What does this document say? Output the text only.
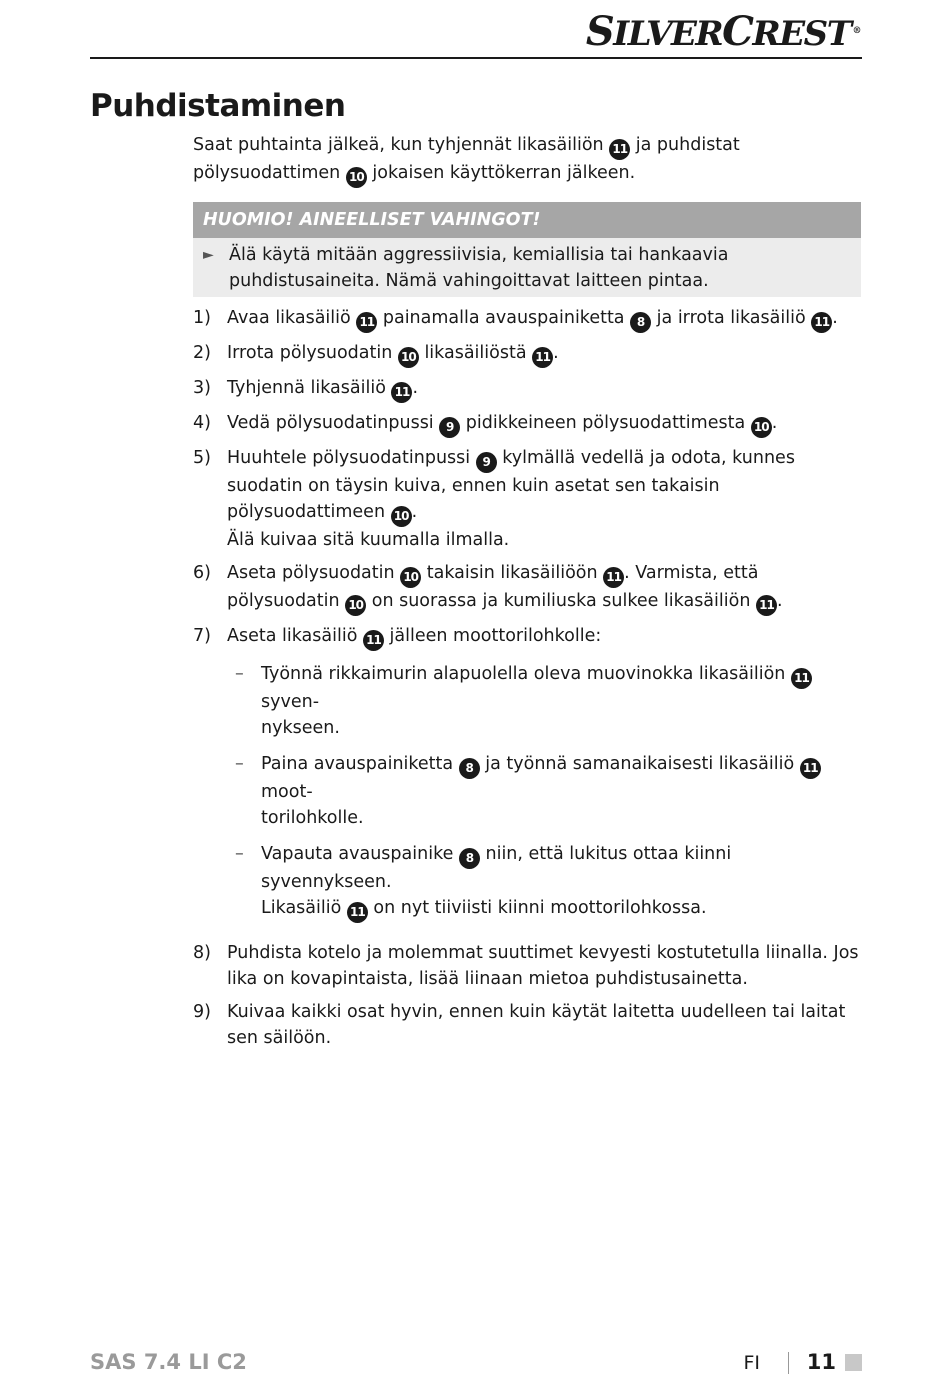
SILVERCREST ®
Puhdistaminen

Saat puhtainta jälkeä, kun tyhjennät likasäiliön 11 ja puhdistat pölysuodattimen 10 jokaisen käyttökerran jälkeen.

HUOMIO! AINEELLISET VAHINGOT!
► Älä käytä mitään aggressiivisia, kemiallisia tai hankaavia puhdistusaineita. Nämä vahingoittavat laitteen pintaa.
1) Avaa likasäiliö 11 painamalla avauspainiketta 8 ja irrota likasäiliö 11 .
2) Irrota pölysuodatin 10 likasäiliöstä 11 .
3) Tyhjennä likasäiliö 11 .
4) Vedä pölysuodatinpussi 9 pidikkeineen pölysuodattimesta 10 .
5) Huuhtele pölysuodatinpussi 9 kylmällä vedellä ja odota, kunnes suodatin on täysin kuiva, ennen kuin asetat sen takaisin pölysuodattimeen 10 .
Älä kuivaa sitä kuumalla ilmalla.
6) Aseta pölysuodatin 10 takaisin likasäiliöön 11 . Varmista, että pölysuodatin 10 on suorassa ja kumiliuska sulkee likasäiliön 11 .
7) Aseta likasäiliö 11 jälleen moottorilohkolle:
– Työnnä rikkaimurin alapuolella oleva muovinokka likasäiliön 11 syven-
nykseen.
– Paina avauspainiketta 8 ja työnnä samanaikaisesti likasäiliö 11 moot-
torilohkolle.
– Vapauta avauspainike 8 niin, että lukitus ottaa kiinni syvennykseen.
Likasäiliö 11 on nyt tiiviisti kiinni moottorilohkossa.
8) Puhdista kotelo ja molemmat suuttimet kevyesti kostutetulla liinalla. Jos lika on kovapintaista, lisää liinaan mietoa puhdistusainetta.
9) Kuivaa kaikki osat hyvin, ennen kuin käytät laitetta uudelleen tai laitat sen säilöön.
SAS 7.4 LI C2	FI 11
